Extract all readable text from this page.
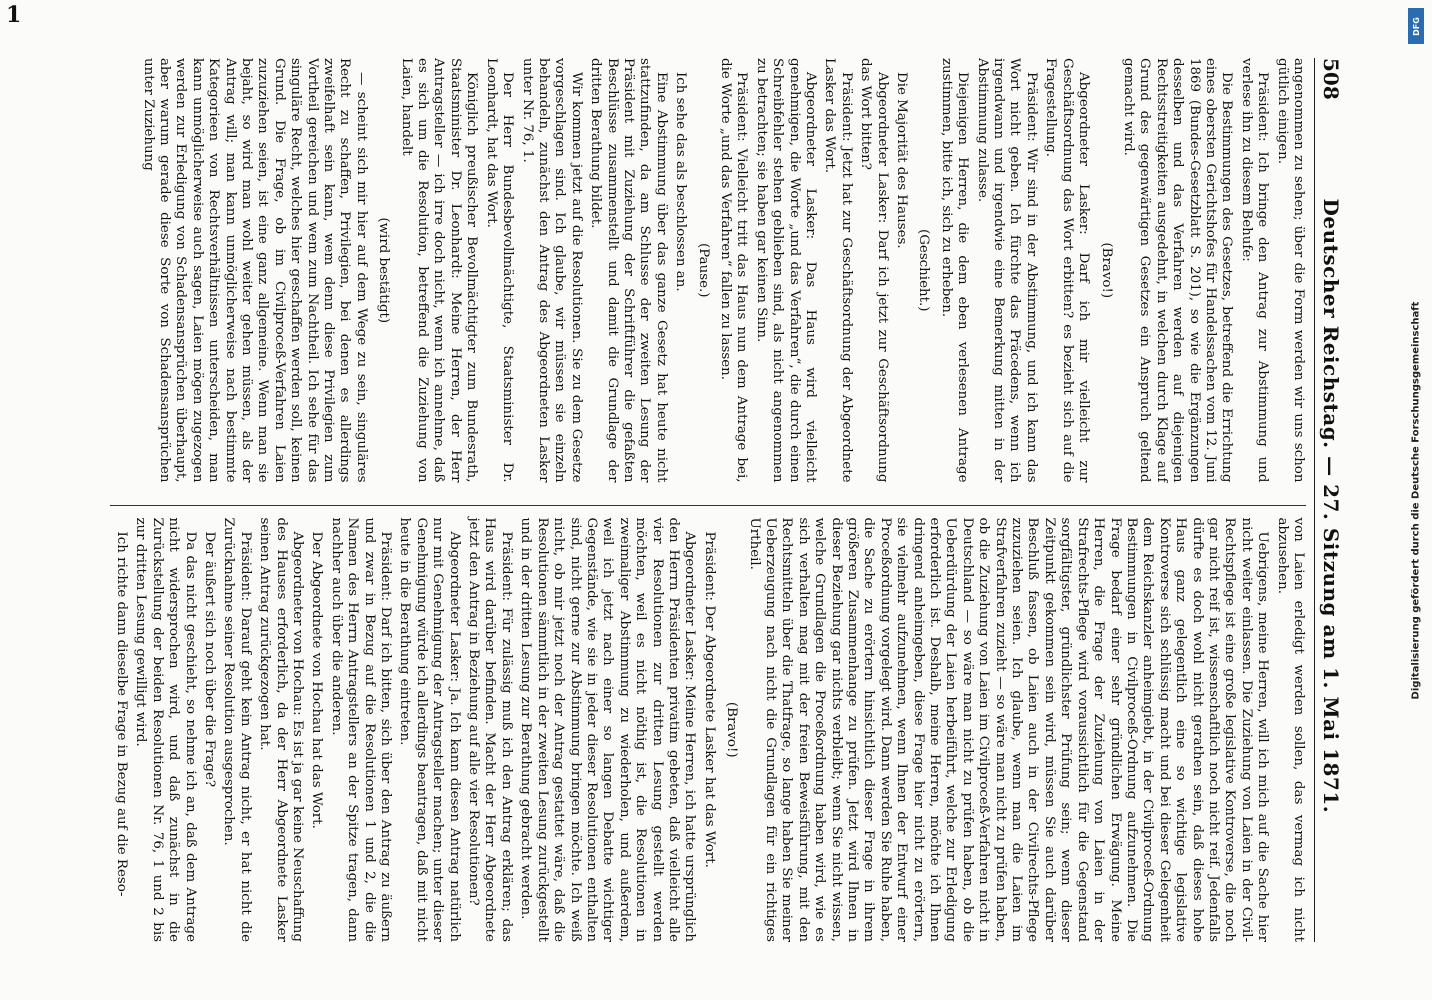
1
508
Deutscher Reichstag. — 27. Sitzung am 1. Mai 1871.

angenommen zu sehen; über die Form werden wir uns schon gütlich einigen.

Präsident: Ich bringe den Antrag zur Abstimmung und verlese ihn zu diesem Behufe:

Die Bestimmungen des Gesetzes, betreffend die Errichtung eines obersten Gerichtshofes für Handelssachen vom 12. Juni 1869 (Bundes-Gesetzblatt S. 201), so wie die Ergänzungen desselben und das Verfahren werden auf diejenigen Rechtsstreitigkeiten ausgedehnt, in welchen durch Klage auf Grund des gegenwärtigen Gesetzes ein Anspruch geltend gemacht wird.

(Bravo!)

Abgeordneter Lasker: Darf ich mir vielleicht zur Geschäftsordnung das Wort erbitten? es bezieht sich auf die Fragestellung.

Präsident: Wir sind in der Abstimmung, und ich kann das Wort nicht geben. Ich fürchte das Präcedens, wenn ich irgendwann und irgendwie eine Bemerkung mitten in der Abstimmung zulasse.

Diejenigen Herren, die dem eben verlesenen Antrage zustimmen, bitte ich, sich zu erheben.

(Geschieht.)

Die Majorität des Hauses.

Abgeordneter Lasker: Darf ich jetzt zur Geschäftsordnung das Wort bitten?

Präsident: Jetzt hat zur Geschäftsordnung der Abgeordnete Lasker das Wort.

Abgeordneter Lasker: Das Haus wird vielleicht genehmigen, die Worte „und das Verfahren“, die durch einen Schreibfehler stehen geblieben sind, als nicht angenommen zu betrachten; sie haben gar keinen Sinn.

Präsident: Vielleicht tritt das Haus nun dem Antrage bei, die Worte „und das Verfahren“ fallen zu lassen.

(Pause.)

Ich sehe das als beschlossen an.

Eine Abstimmung über das ganze Gesetz hat heute nicht stattzufinden, da am Schlusse der zweiten Lesung der Präsident mit Zuziehung der Schriftführer die gefaßten Beschlüsse zusammenstellt und damit die Grundlage der dritten Berathung bildet.

Wir kommen jetzt auf die Resolutionen. Sie zu dem Gesetze vorgeschlagen sind. Ich glaube, wir müssen sie einzeln behandeln, zunächst den Antrag des Abgeordneten Lasker unter Nr. 76, 1.

Der Herr Bundesbevollmächtigte, Staatsminister Dr. Leonhardt, hat das Wort.

Königlich preußischer Bevollmächtigter zum Bundesrath, Staatsminister Dr. Leonhardt: Meine Herren, der Herr Antragsteller — ich irre doch nicht, wenn ich annehme, daß es sich um die Resolution, betreffend die Zuziehung von Laien, handelt

(wird bestätigt)

— scheint sich mir hier auf dem Wege zu sein, singuläres Recht zu schaffen, Privilegien, bei denen es allerdings zweifelhaft sein kann, wem denn diese Privilegien zum Vortheil gereichen und wem zum Nachtheil. Ich sehe für das singuläre Recht, welches hier geschaffen werden soll, keinen Grund. Die Frage, ob im Civilproceß-Verfahren Laien zuzuziehen seien, ist eine ganz allgemeine. Wenn man sie bejaht, so wird man wohl weiter gehen müssen, als der Antrag will; man kann unmöglicherweise nach bestimmte Kategorieen von Rechtsverhältnissen unterscheiden, man kann unmöglicherweise auch sagen, Laien mögen zugezogen werden zur Erledigung von Schadensansprüchen überhaupt, aber warum gerade diese Sorte von Schadensansprüchen unter Zuziehung

von Laien erledigt werden sollen, das vermag ich nicht abzusehen.

Uebrigens, meine Herren, will ich mich auf die Sache hier nicht weiter einlassen. Die Zuziehung von Laien in der Civil-Rechtspflege ist eine große legislative Kontroverse, die noch gar nicht reif ist, wissenschaftlich noch nicht reif. Jedenfalls dürfte es doch wohl nicht gerathen sein, daß dieses hohe Haus ganz gelegentlich eine so wichtige legislative Kontroverse sich schlüssig macht und bei dieser Gelegenheit dem Reichskanzler anheimgiebt, in der Civilproceß-Ordnung Bestimmungen in Civilproceß-Ordnung aufzunehmen. Die Frage bedarf einer sehr gründlichen Erwägung. Meine Herren, die Frage der Zuziehung von Laien in der Strafrechts-Pflege wird voraussichtlich für die Gegenstand sorgfältigster, gründlichster Prüfung sein; wenn dieser Zeitpunkt gekommen sein wird, müssen Sie auch darüber Beschluß fassen, ob Laien auch in der Civilrechts-Pflege zuzuziehen seien. Ich glaube, wenn man die Laien im Strafverfahren zuzieht — so wäre man nicht zu prüfen haben, ob die Zuziehung von Laien im Civilproceß-Verfahren nicht in Deutschland — so wäre man nicht zu prüfen haben, ob die Ueberdürdung der Laien herbeiführt, welche zur Erledigung erforderlich ist. Deshalb, meine Herren, möchte ich Ihnen dringend anheimgeben, diese Frage hier nicht zu erörtern, sie vielmehr aufzunehmen, wenn Ihnen der Entwurf einer Proceßordnung vorgelegt wird. Dann werden Sie Ruhe haben, die Sache zu erörtern hinsichtlich dieser Frage in ihrem größeren Zusammenhange zu prüfen. Jetzt wird Ihnen in dieser Beziehung gar nichts verbleibt; wenn Sie nicht wissen, welche Grundlagen die Proceßordnung haben wird, wie es sich verhalten mag mit der freien Beweisführung, mit den Rechtsmitteln über die Thatfrage, so lange haben Sie meiner Ueberzeugung nach nicht die Grundlagen für ein richtiges Urtheil.

(Bravo!)

Präsident: Der Abgeordnete Lasker hat das Wort.

Abgeordneter Lasker: Meine Herren, ich hatte ursprünglich den Herrn Präsidenten privatim gebeten, daß vielleicht alle vier Resolutionen zur dritten Lesung gestellt werden möchten, weil es nicht nöthig ist, die Resolutionen in zweimaliger Abstimmung zu wiederholen, und außerdem, weil ich jetzt nach einer so langen Debatte wichtiger Gegenstände, wie sie in jeder dieser Resolutionen enthalten sind, nicht gerne zur Abstimmung bringen möchte. Ich weiß nicht, ob mir jetzt noch der Antrag gestattet wäre, daß die Resolutionen sämmtlich in der zweiten Lesung zurückgestellt und in der dritten Lesung zur Berathung gebracht werden.

Präsident: Für zulässig muß ich den Antrag erklären; das Haus wird darüber befinden. Macht der Herr Abgeordnete jetzt den Antrag in Beziehung auf alle vier Resolutionen?

Abgeordneter Lasker: Ja. Ich kann diesen Antrag natürlich nur mit Genehmigung der Antragsteller machen; unter dieser Genehmigung würde ich allerdings beantragen, daß mit nicht heute in die Berathung eintreten.

Präsident: Darf ich bitten, sich über den Antrag zu äußern und zwar in Bezug auf die Resolutionen 1 und 2, die die Namen des Herrn Antragstellers an der Spitze tragen, dann nachher auch über die anderen.

Der Abgeordnete von Hochau hat das Wort.

Abgeordneter von Hochau: Es ist ja gar keine Neuschaffung des Hauses erforderlich, da der Herr Abgeordnete Lasker seinen Antrag zurückgezogen hat.

Präsident: Darauf geht kein Antrag nicht, er hat nicht die Zurücknahme seiner Resolution ausgesprochen.

Der äußert sich noch über die Frage?

Da das nicht geschieht, so nehme ich an, daß dem Antrage nicht widersprochen wird, und daß zunächst in die Zurückstellung der beiden Resolutionen Nr. 76, 1 und 2 bis zur dritten Lesung gewilligt wird.

Ich richte dann dieselbe Frage in Bezug auf die Reso-

Digitalisierung gefördert durch die Deutsche Forschungsgemeinschaft
DFG
